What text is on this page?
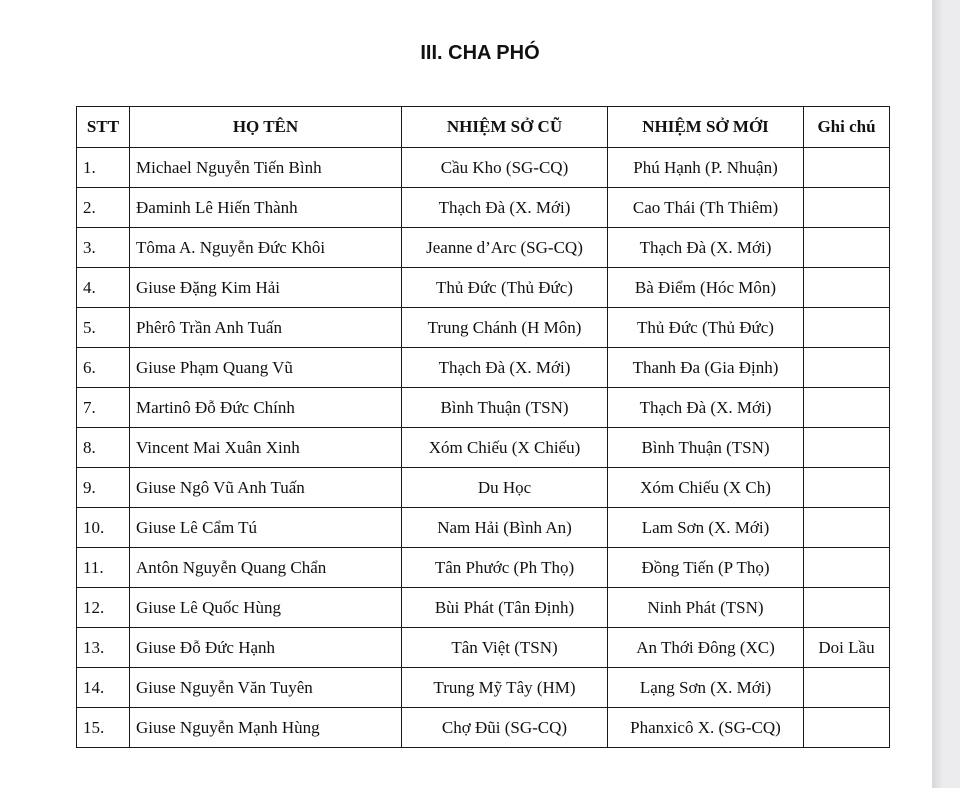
III. CHA PHÓ
STT	HỌ TÊN	NHIỆM SỞ CŨ	NHIỆM SỞ MỚI	Ghi chú
1.	Michael Nguyễn Tiến Bình	Cầu Kho (SG-CQ)	Phú Hạnh (P. Nhuận)	
2.	Đaminh Lê Hiến Thành	Thạch Đà (X. Mới)	Cao Thái (Th Thiêm)	
3.	Tôma A. Nguyễn Đức Khôi	Jeanne d’Arc (SG-CQ)	Thạch Đà (X. Mới)	
4.	Giuse Đặng Kim Hải	Thủ Đức (Thủ Đức)	Bà Điểm (Hóc Môn)	
5.	Phêrô Trần Anh Tuấn	Trung Chánh (H Môn)	Thủ Đức (Thủ Đức)	
6.	Giuse Phạm Quang Vũ	Thạch Đà (X. Mới)	Thanh Đa (Gia Định)	
7.	Martinô Đỗ Đức Chính	Bình Thuận (TSN)	Thạch Đà (X. Mới)	
8.	Vincent Mai Xuân Xinh	Xóm Chiếu (X Chiếu)	Bình Thuận (TSN)	
9.	Giuse Ngô Vũ Anh Tuấn	Du Học	Xóm Chiếu (X Ch)	
10.	Giuse Lê Cẩm Tú	Nam Hải (Bình An)	Lam Sơn (X. Mới)	
11.	Antôn Nguyễn Quang Chẩn	Tân Phước (Ph Thọ)	Đồng Tiến (P Thọ)	
12.	Giuse Lê Quốc Hùng	Bùi Phát (Tân Định)	Ninh Phát (TSN)	
13.	Giuse Đỗ Đức Hạnh	Tân Việt (TSN)	An Thới Đông (XC)	Doi Lầu
14.	Giuse Nguyễn Văn Tuyên	Trung Mỹ Tây (HM)	Lạng Sơn (X. Mới)	
15.	Giuse Nguyễn Mạnh Hùng	Chợ Đũi (SG-CQ)	Phanxicô X. (SG-CQ)	
